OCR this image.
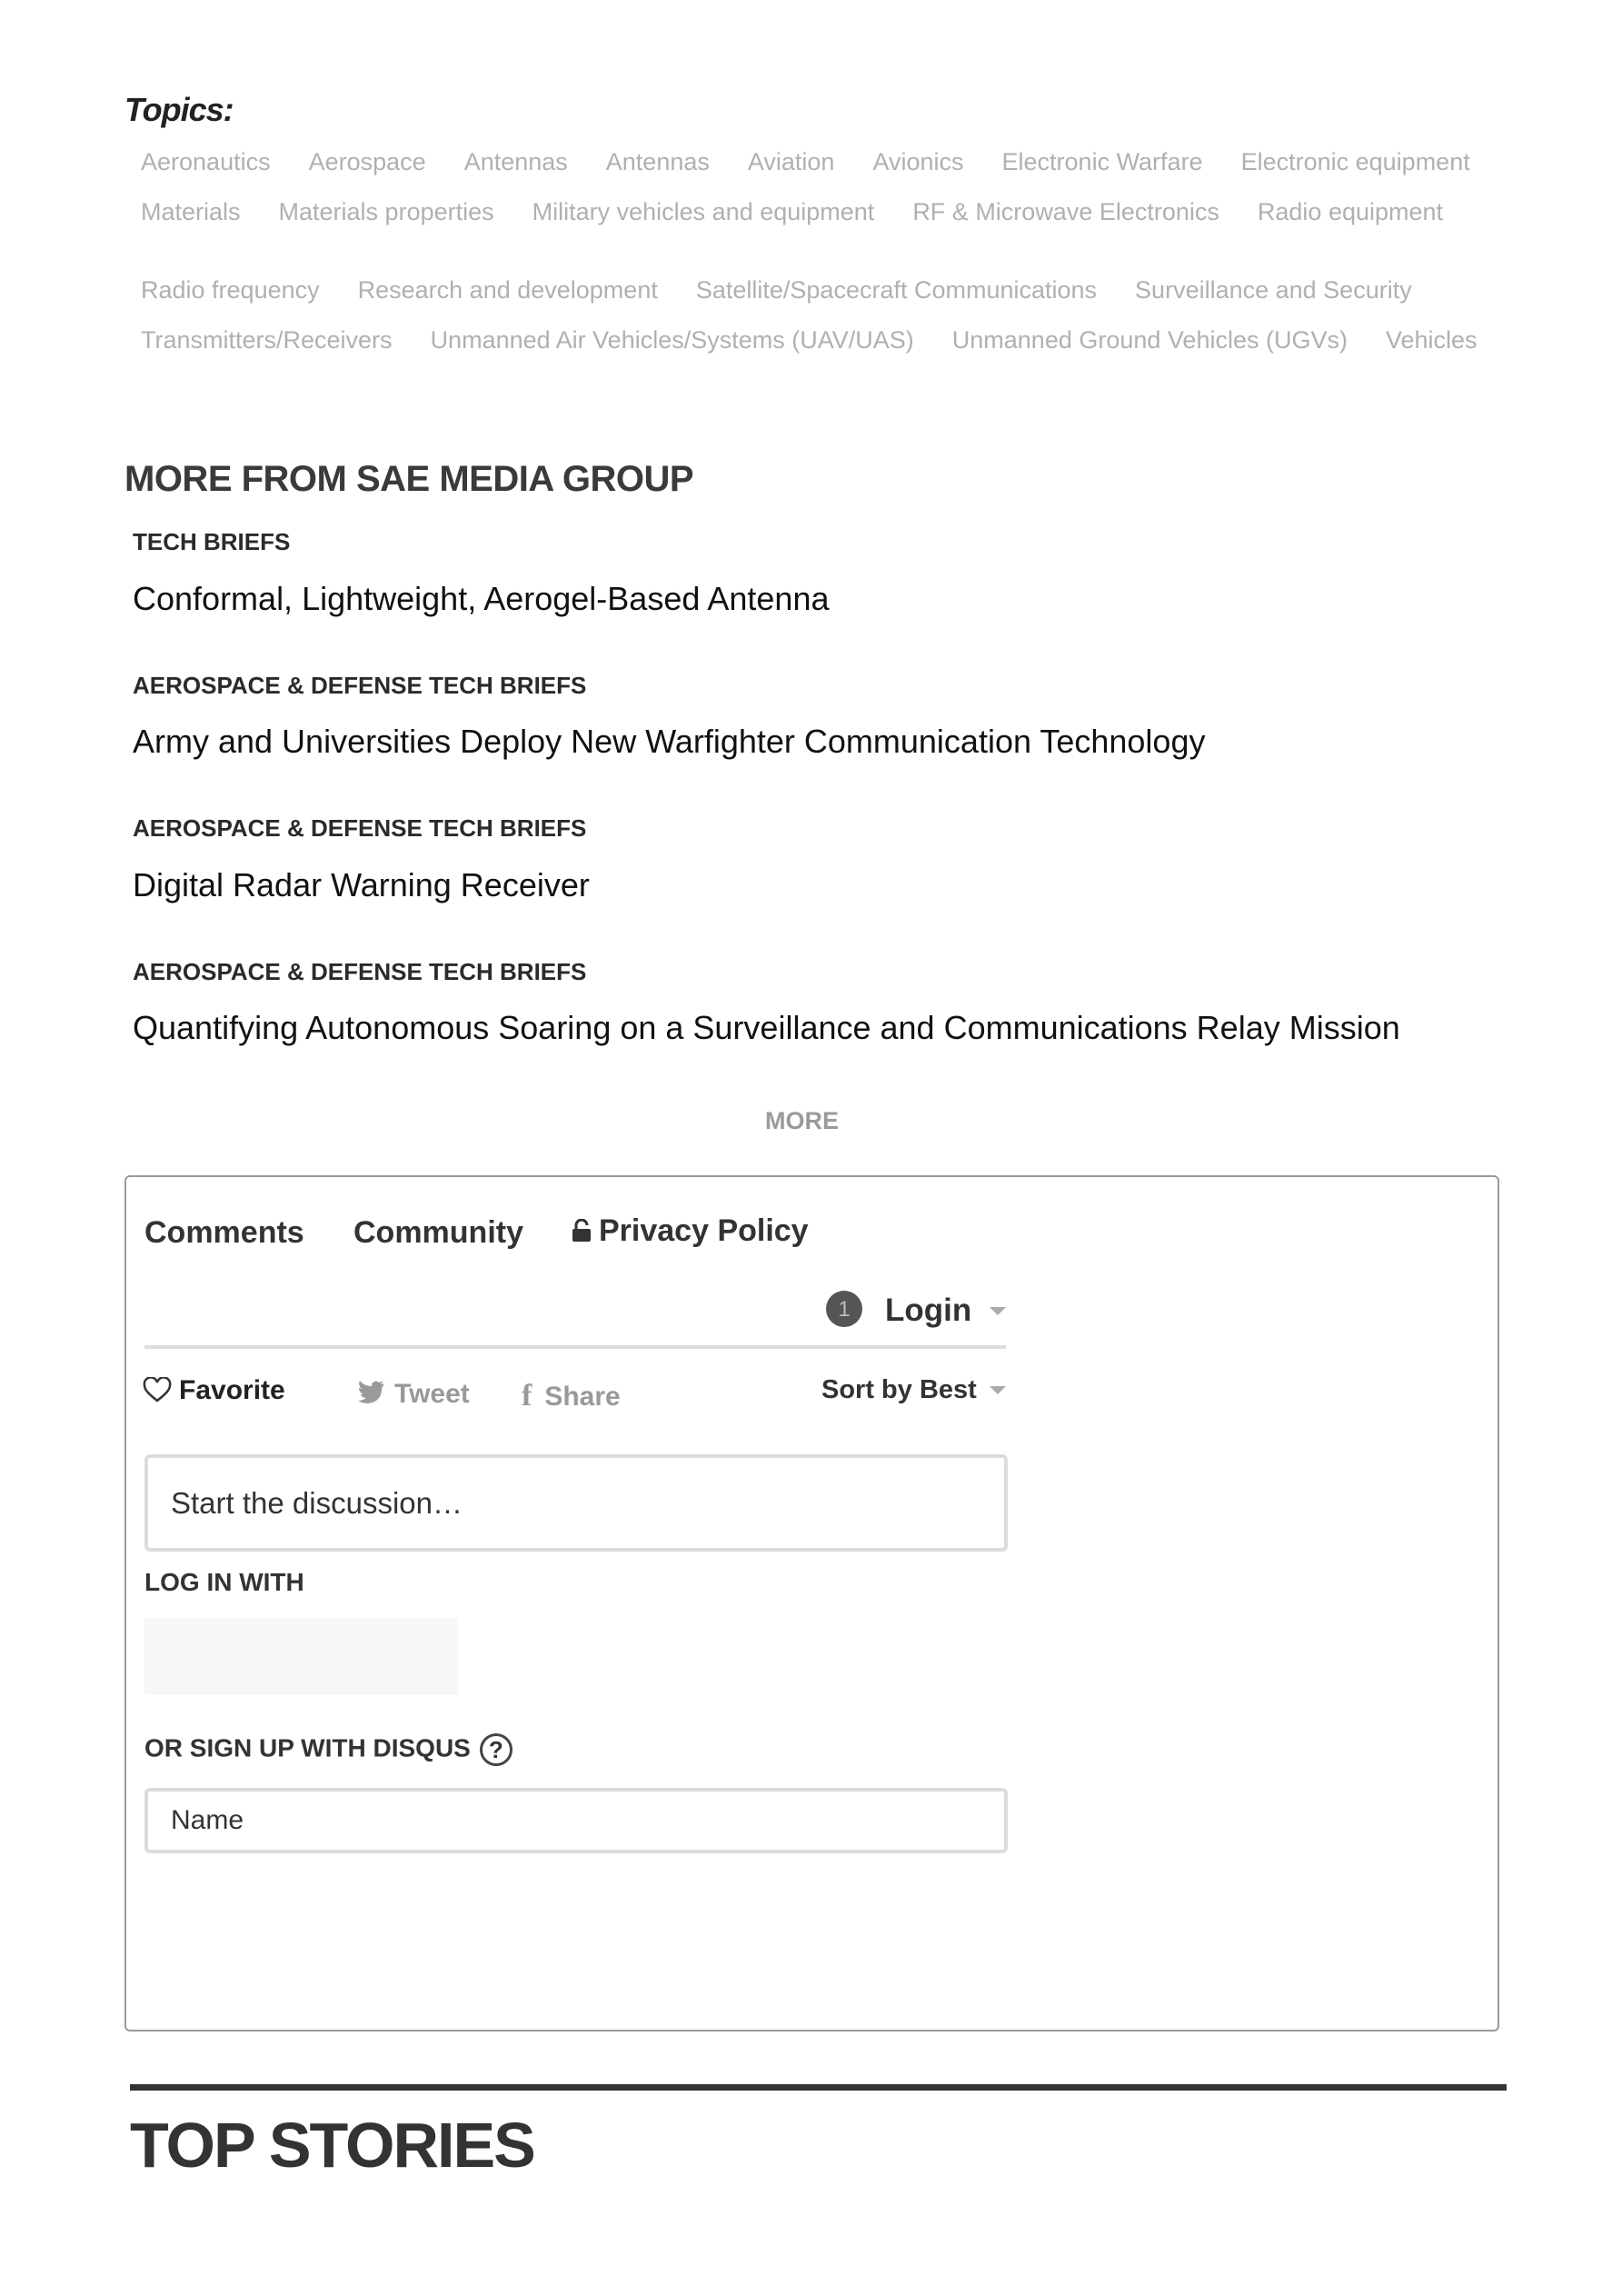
Topics:
Aeronautics Aerospace Antennas Antennas Aviation Avionics Electronic Warfare Electronic equipment
Materials Materials properties Military vehicles and equipment RF & Microwave Electronics Radio equipment
Radio frequency Research and development Satellite/Spacecraft Communications Surveillance and Security
Transmitters/Receivers Unmanned Air Vehicles/Systems (UAV/UAS) Unmanned Ground Vehicles (UGVs) Vehicles
MORE FROM SAE MEDIA GROUP
TECH BRIEFS
Conformal, Lightweight, Aerogel-Based Antenna
AEROSPACE & DEFENSE TECH BRIEFS
Army and Universities Deploy New Warfighter Communication Technology
AEROSPACE & DEFENSE TECH BRIEFS
Digital Radar Warning Receiver
AEROSPACE & DEFENSE TECH BRIEFS
Quantifying Autonomous Soaring on a Surveillance and Communications Relay Mission
MORE
Comments Community	Privacy Policy
1	Login
Favorite	Tweet f Share	Sort by Best
Start the discussion…
LOG IN WITH
OR SIGN UP WITH DISQUS ?
Name
TOP STORIES
